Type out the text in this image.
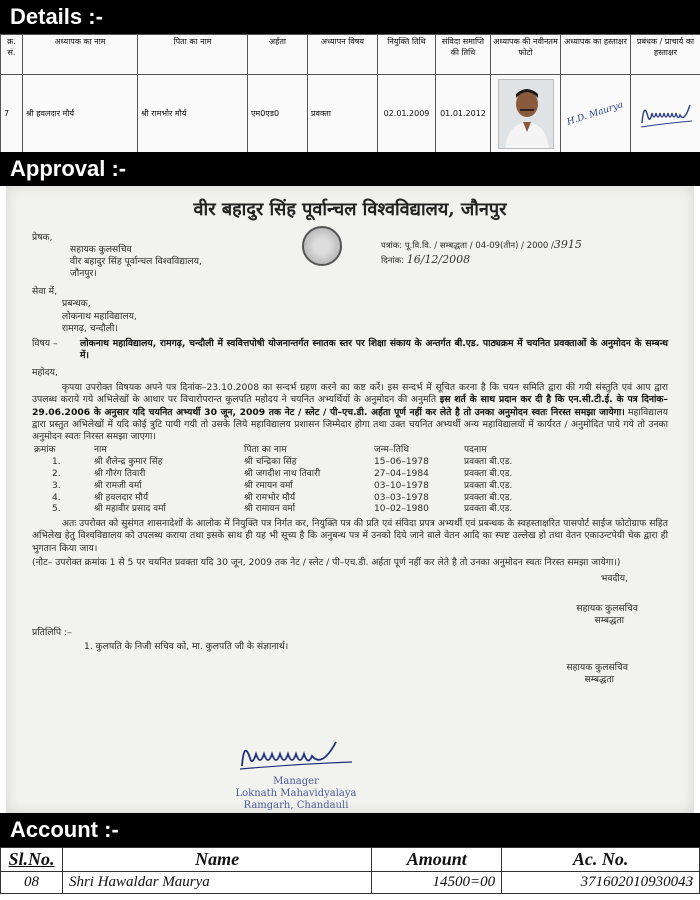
Details :-
क्र. सं.	अध्यापक का नाम	पिता का नाम	अर्हता	अध्यापन विषय	नियुक्ति तिथि	संविदा समाप्ति की तिथि	अध्यापक की नवीनतम फोटो	अध्यापक का हस्ताक्षर	प्रबंधक / प्राचार्य का हस्ताक्षर
7	श्री हवलदार मौर्य	श्री रामभोर मौर्य	एम0एड0	प्रवक्ता	02.01.2009	01.01.2012		H.D. Maurya	
Approval :-
वीर बहादुर सिंह पूर्वान्चल विश्वविद्यालय, जौनपुर
प्रेषक,
सहायक कुलसचिव
वीर बहादुर सिंह पूर्वान्चल विश्वविद्यालय,
जौनपुर।
पत्रांक: पू.वि.वि. / सम्बद्धता / 04-09(तीन) / 2000 /3915
दिनांक: 16/12/2008
सेवा में,
प्रबन्धक,
लोकनाथ महाविद्यालय,
रामगढ़, चन्दौली।
विषय –	लोकनाथ महाविद्यालय, रामगढ़, चन्दौली में स्ववित्तपोषी योजनान्तर्गत स्नातक स्तर पर शिक्षा संकाय के अन्तर्गत बी.एड. पाठ्यक्रम में चयनित प्रवक्ताओं के अनुमोदन के सम्बन्ध में।
महोदय,
कृपया उपरोक्त विषयक अपने पत्र दिनांक–23.10.2008 का सन्दर्भ ग्रहण करने का कष्ट करें। इस सन्दर्भ में सूचित करना है कि चयन समिति द्वारा की गयी संस्तुति एवं आप द्वारा उपलब्ध कराये गये अभिलेखों के आधार पर विचारोपरान्त कुलपति महोदय ने चयनित अभ्यर्थियों के अनुमोदन की अनुमति इस शर्त के साथ प्रदान कर दी है कि एन.सी.टी.ई. के पत्र दिनांक–29.06.2006 के अनुसार यदि चयनित अभ्यर्थी 30 जून, 2009 तक नेट / स्लेट / पी–एच.डी. अर्हता पूर्ण नहीं कर लेते है तो उनका अनुमोदन स्वतः निरस्त समझा जायेगा। महाविद्यालय द्वारा प्रस्तुत अभिलेखों में यदि कोई त्रुटि पायी गयी तो उसके लिये महाविद्यालय प्रशासन जिम्मेदार होगा तथा उक्त चयनित अभ्यर्थी अन्य महाविद्यालयों में कार्यरत / अनुमोदित पाये गये तो उनका अनुमोदन स्वतः निरस्त समझा जाएगा।
क्रमांक	नाम	पिता का नाम	जन्म–तिथि	पदनाम
1.	श्री शैलेन्द्र कुमार सिंह	श्री चन्द्रिका सिंह	15–06–1978	प्रवक्ता बी.एड.
2.	श्री गौरंग तिवारी	श्री जगदीश नाथ तिवारी	27–04–1984	प्रवक्ता बी.एड.
3.	श्री रामजी वर्मा	श्री रमायन वर्मा	03–10–1978	प्रवक्ता बी.एड.
4.	श्री हवलदार मौर्य	श्री रामभोर मौर्य	03–03–1978	प्रवक्ता बी.एड.
5.	श्री महावीर प्रसाद वर्मा	श्री रामायन वर्मा	10–02–1980	प्रवक्ता बी.एड.
अतः उपरोक्त को सुसंगत शासनादेशों के आलोक में नियुक्ति पत्र निर्गत कर, नियुक्ति पत्र की प्रति एवं संविदा प्रपत्र अभ्यर्थी एवं प्रबन्धक के स्वहस्ताक्षरित पासपोर्ट साईज फोटोग्राफ सहित अभिलेख हेतु विश्वविद्यालय को उपलब्ध कराया तथा इसके साथ ही यह भी सूच्य है कि अनुबन्ध पत्र में उनको दिये जाने वाले वेतन आदि का स्पष्ट उल्लेख हो तथा वेतन एकाउन्टपेयी चेक द्वारा ही भुगतान किया जाय।
(नोट– उपरोक्त क्रमांक 1 से 5 पर चयनित प्रवक्ता यदि 30 जून, 2009 तक नेट / स्लेट / पी–एच.डी. अर्हता पूर्ण नहीं कर लेते है तो उनका अनुमोदन स्वतः निरस्त समझा जायेगा।)
भवदीय,
सहायक कुलसचिव
सम्बद्धता
प्रतिलिपि :–
1. कुलपति के निजी सचिव को, मा. कुलपति जी के संज्ञानार्थ।
सहायक कुलसचिव
सम्बद्धता
Manager
Loknath Mahavidyalaya
Ramgarh, Chandauli
Account :-
Sl.No.	Name	Amount	Ac. No.
08	Shri Hawaldar Maurya	14500=00	37160201093004З
